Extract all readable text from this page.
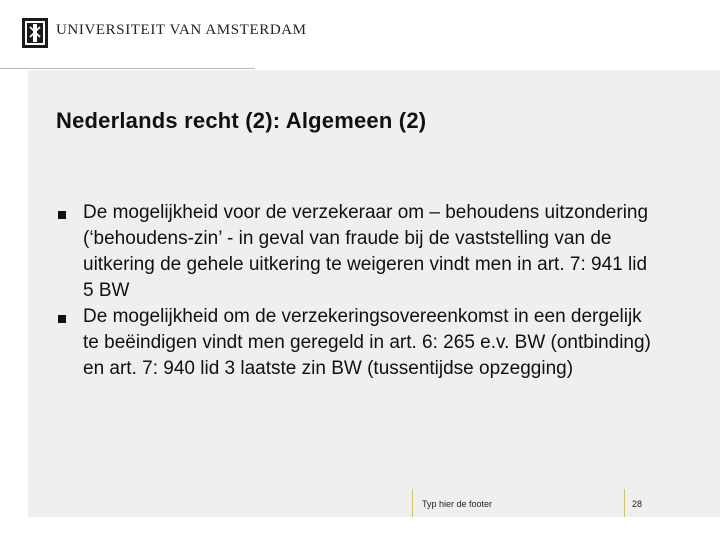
UNIVERSITEIT VAN AMSTERDAM
Nederlands recht (2): Algemeen (2)
De mogelijkheid voor de verzekeraar om – behoudens uitzondering (‘behoudens-zin’ - in geval van fraude bij de vaststelling van de uitkering de gehele uitkering te weigeren vindt men in art. 7: 941 lid 5 BW
De mogelijkheid om de verzekeringsovereenkomst in een dergelijk te beëindigen vindt men geregeld in art. 6: 265 e.v. BW (ontbinding) en art. 7: 940 lid 3 laatste zin BW (tussentijdse opzegging)
Typ hier de footer	28
